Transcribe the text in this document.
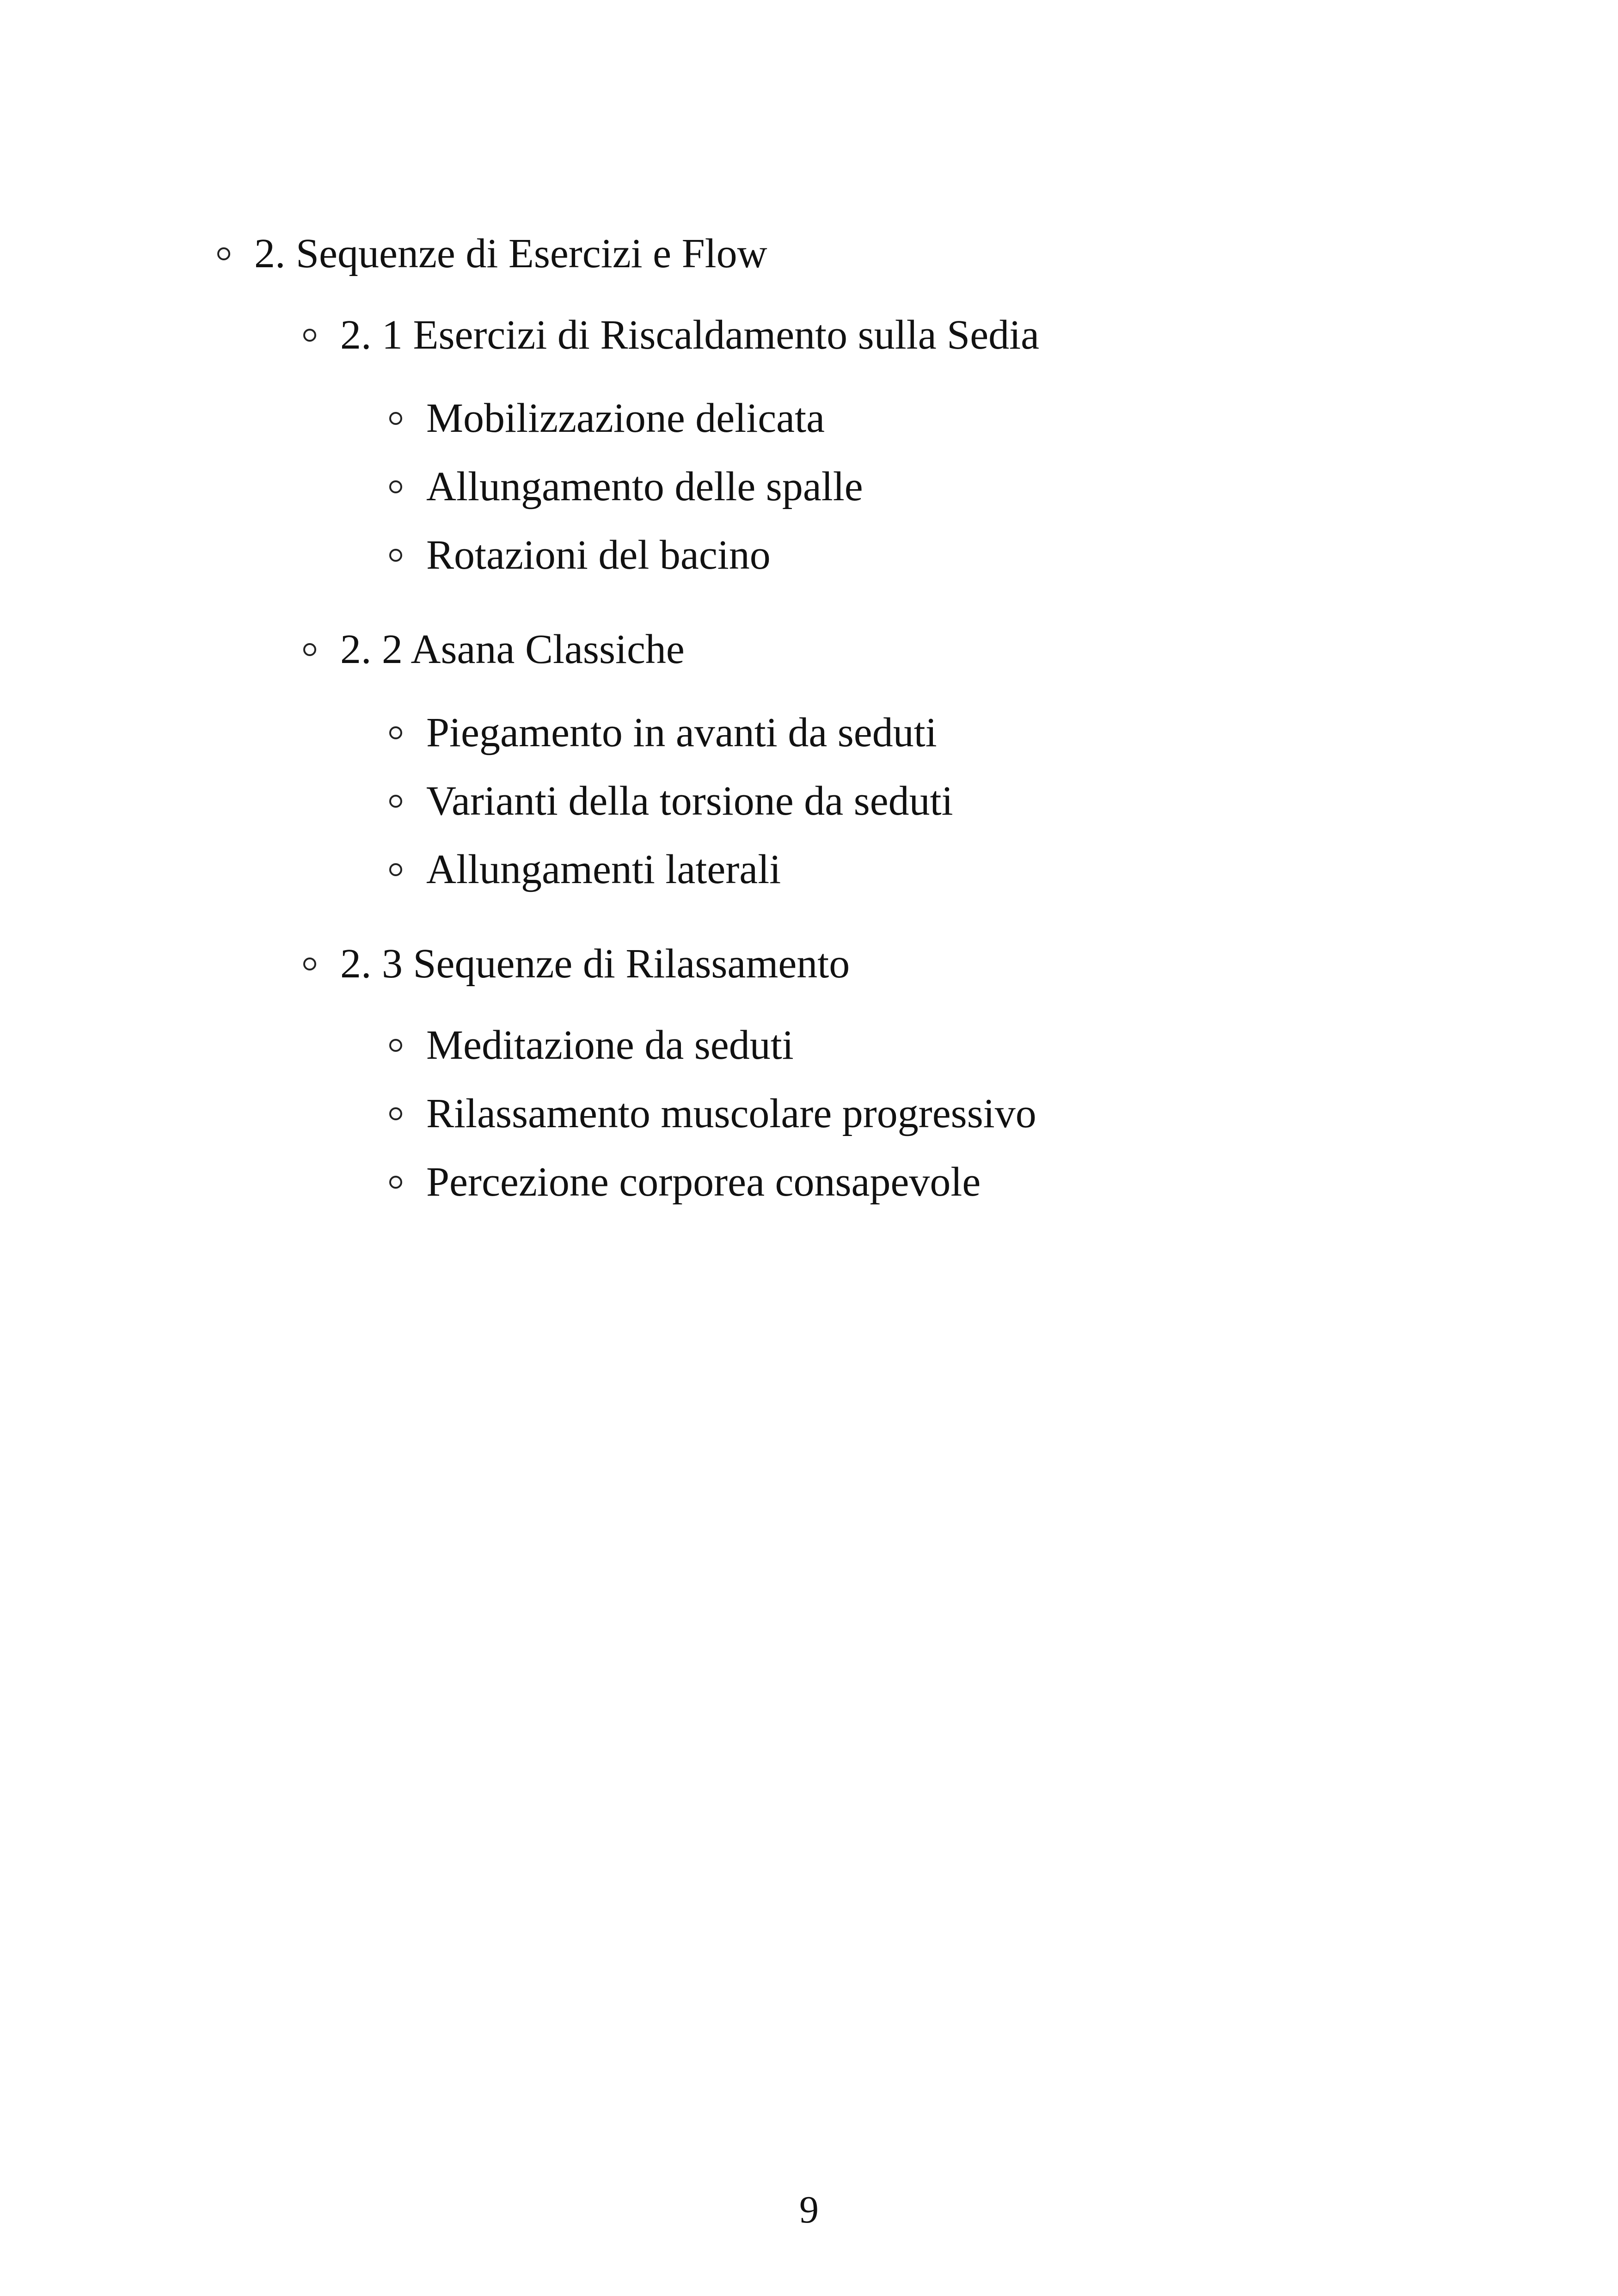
2. Sequenze di Esercizi e Flow
2. 1 Esercizi di Riscaldamento sulla Sedia
Mobilizzazione delicata
Allungamento delle spalle
Rotazioni del bacino
2. 2 Asana Classiche
Piegamento in avanti da seduti
Varianti della torsione da seduti
Allungamenti laterali
2. 3 Sequenze di Rilassamento
Meditazione da seduti
Rilassamento muscolare progressivo
Percezione corporea consapevole
9
